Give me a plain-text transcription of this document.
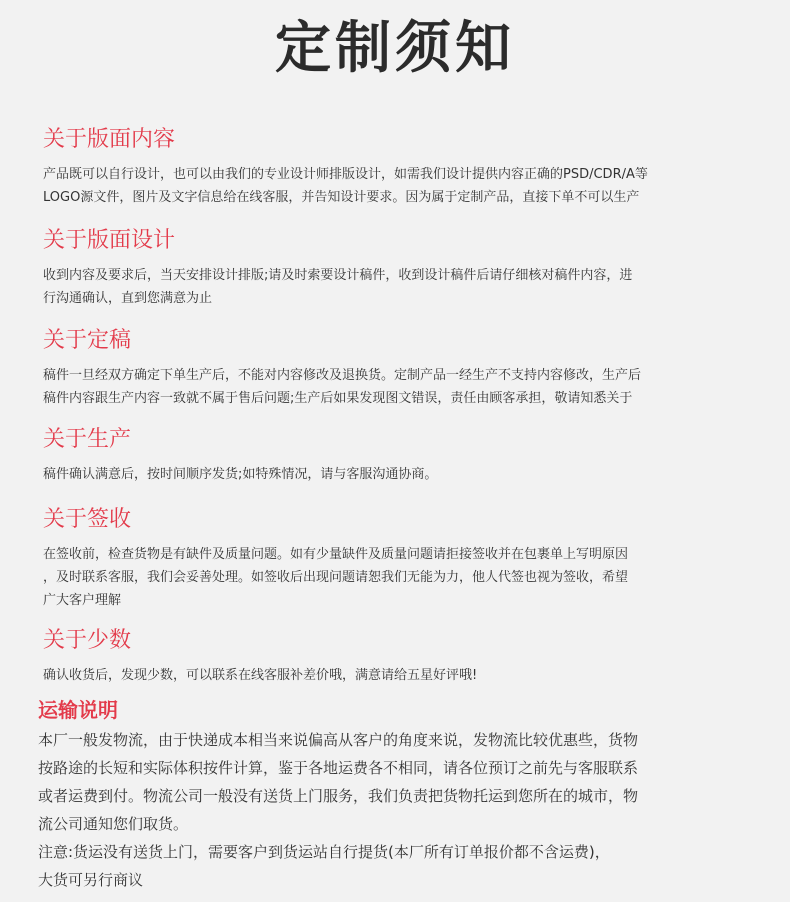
定制须知
关于版面内容
产品既可以自行设计，也可以由我们的专业设计师排版设计，如需我们设计提供内容正确的PSD/CDR/A等
LOGO源文件，图片及文字信息给在线客服，并告知设计要求。因为属于定制产品，直接下单不可以生产
关于版面设计
收到内容及要求后，当天安排设计排版;请及时索要设计稿件，收到设计稿件后请仔细核对稿件内容，进
行沟通确认，直到您满意为止
关于定稿
稿件一旦经双方确定下单生产后，不能对内容修改及退换货。定制产品一经生产不支持内容修改，生产后
稿件内容跟生产内容一致就不属于售后问题;生产后如果发现图文错误，责任由顾客承担，敬请知悉关于
关于生产
稿件确认满意后，按时间顺序发货;如特殊情况，请与客服沟通协商。
关于签收
在签收前，检查货物是有缺件及质量问题。如有少量缺件及质量问题请拒接签收并在包裹单上写明原因
，及时联系客服，我们会妥善处理。如签收后出现问题请恕我们无能为力，他人代签也视为签收，希望
广大客户理解
关于少数
确认收货后，发现少数，可以联系在线客服补差价哦，满意请给五星好评哦!
运输说明
本厂一般发物流，由于快递成本相当来说偏高从客户的角度来说，发物流比较优惠些，货物
按路途的长短和实际体积按件计算，鉴于各地运费各不相同，请各位预订之前先与客服联系
或者运费到付。物流公司一般没有送货上门服务，我们负责把货物托运到您所在的城市，物
流公司通知您们取货。
注意:货运没有送货上门，需要客户到货运站自行提货(本厂所有订单报价都不含运费)，
大货可另行商议
